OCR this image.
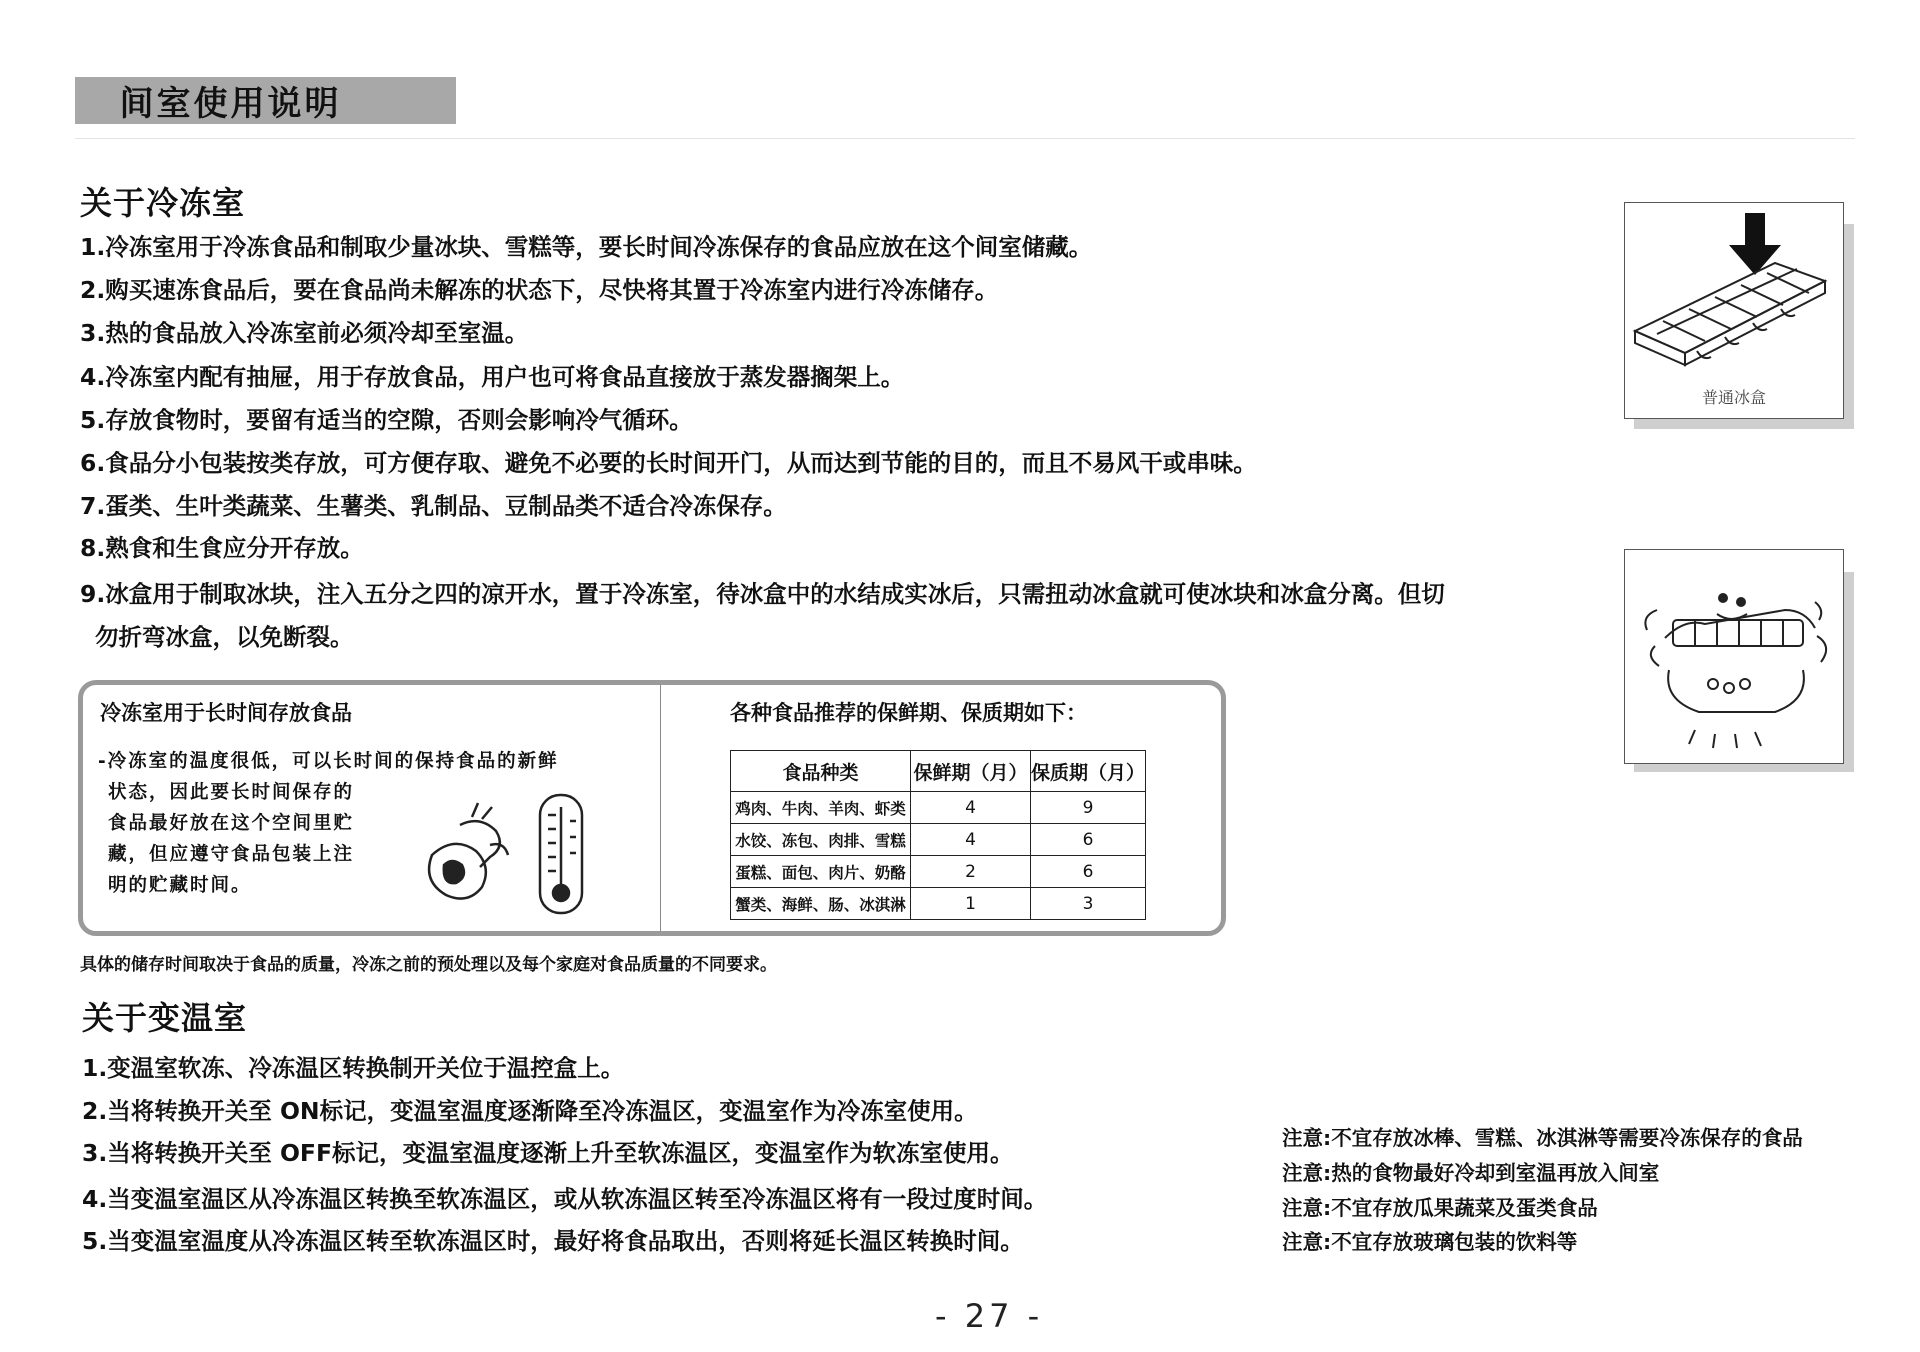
间室使用说明
关于冷冻室
1.冷冻室用于冷冻食品和制取少量冰块、雪糕等，要长时间冷冻保存的食品应放在这个间室储藏。
2.购买速冻食品后，要在食品尚未解冻的状态下，尽快将其置于冷冻室内进行冷冻储存。
3.热的食品放入冷冻室前必须冷却至室温。
4.冷冻室内配有抽屉，用于存放食品，用户也可将食品直接放于蒸发器搁架上。
5.存放食物时，要留有适当的空隙，否则会影响冷气循环。
6.食品分小包装按类存放，可方便存取、避免不必要的长时间开门，从而达到节能的目的，而且不易风干或串味。
7.蛋类、生叶类蔬菜、生薯类、乳制品、豆制品类不适合冷冻保存。
8.熟食和生食应分开存放。
9.冰盒用于制取冰块，注入五分之四的凉开水，置于冷冻室，待冰盒中的水结成实冰后，只需扭动冰盒就可使冰块和冰盒分离。但切
勿折弯冰盒，以免断裂。
普通冰盒
冷冻室用于长时间存放食品
-冷冻室的温度很低，可以长时间的保持食品的新鲜
状态，因此要长时间保存的
食品最好放在这个空间里贮
藏，但应遵守食品包装上注
明的贮藏时间。
各种食品推荐的保鲜期、保质期如下：
食品种类	保鲜期（月）	保质期（月）
鸡肉、牛肉、羊肉、虾类	4	9
水饺、冻包、肉排、雪糕	4	6
蛋糕、面包、肉片、奶酪	2	6
蟹类、海鲜、肠、冰淇淋	1	3
具体的储存时间取决于食品的质量，冷冻之前的预处理以及每个家庭对食品质量的不同要求。
关于变温室
1.变温室软冻、冷冻温区转换制开关位于温控盒上。
2.当将转换开关至 ON标记，变温室温度逐渐降至冷冻温区，变温室作为冷冻室使用。
3.当将转换开关至 OFF标记，变温室温度逐渐上升至软冻温区，变温室作为软冻室使用。
4.当变温室温区从冷冻温区转换至软冻温区，或从软冻温区转至冷冻温区将有一段过度时间。
5.当变温室温度从冷冻温区转至软冻温区时，最好将食品取出，否则将延长温区转换时间。
注意:不宜存放冰棒、雪糕、冰淇淋等需要冷冻保存的食品
注意:热的食物最好冷却到室温再放入间室
注意:不宜存放瓜果蔬菜及蛋类食品
注意:不宜存放玻璃包装的饮料等
- 27 -
